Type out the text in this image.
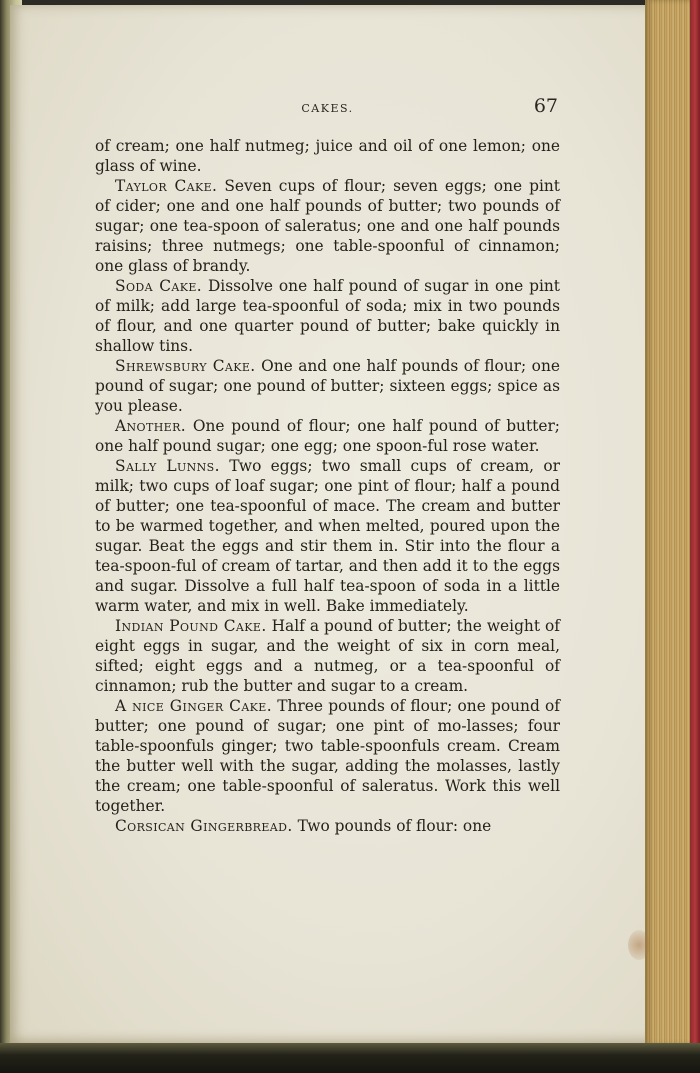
CAKES.	67

of cream; one half nutmeg; juice and oil of one lemon; one glass of wine.

Taylor Cake. Seven cups of flour; seven eggs; one pint of cider; one and one half pounds of butter; two pounds of sugar; one tea-spoon of saleratus; one and one half pounds raisins; three nutmegs; one table-spoonful of cinnamon; one glass of brandy.

Soda Cake. Dissolve one half pound of sugar in one pint of milk; add large tea-spoonful of soda; mix in two pounds of flour, and one quarter pound of butter; bake quickly in shallow tins.

Shrewsbury Cake. One and one half pounds of flour; one pound of sugar; one pound of butter; sixteen eggs; spice as you please.

Another. One pound of flour; one half pound of butter; one half pound sugar; one egg; one spoon-ful rose water.

Sally Lunns. Two eggs; two small cups of cream, or milk; two cups of loaf sugar; one pint of flour; half a pound of butter; one tea-spoonful of mace. The cream and butter to be warmed together, and when melted, poured upon the sugar. Beat the eggs and stir them in. Stir into the flour a tea-spoon-ful of cream of tartar, and then add it to the eggs and sugar. Dissolve a full half tea-spoon of soda in a little warm water, and mix in well. Bake immediately.

Indian Pound Cake. Half a pound of butter; the weight of eight eggs in sugar, and the weight of six in corn meal, sifted; eight eggs and a nutmeg, or a tea-spoonful of cinnamon; rub the butter and sugar to a cream.

A nice Ginger Cake. Three pounds of flour; one pound of butter; one pound of sugar; one pint of mo-lasses; four table-spoonfuls ginger; two table-spoonfuls cream. Cream the butter well with the sugar, adding the molasses, lastly the cream; one table-spoonful of saleratus. Work this well together.

Corsican Gingerbread. Two pounds of flour: one
